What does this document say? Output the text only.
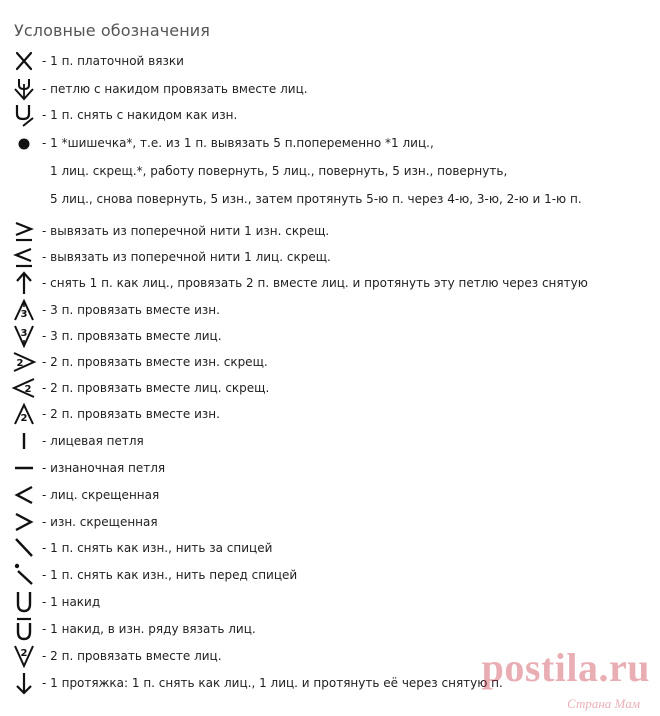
Условные обозначения
- 1 п. платочной вязки
- петлю с накидом провязать вместе лиц.
- 1 п. снять с накидом как изн.
- 1 *шишечка*, т.е. из 1 п. вывязать 5 п.попеременно *1 лиц.,
1 лиц. скрещ.*, работу повернуть, 5 лиц., повернуть, 5 изн., повернуть,
5 лиц., снова повернуть, 5 изн., затем протянуть 5-ю п. через 4-ю, 3-ю, 2-ю и 1-ю п.
- вывязать из поперечной нити 1 изн. скрещ.
- вывязать из поперечной нити 1 лиц. скрещ.
- снять 1 п. как лиц., провязать 2 п. вместе лиц. и протянуть эту петлю через снятую
3 - 3 п. провязать вместе изн.
3 - 3 п. провязать вместе лиц.
2 - 2 п. провязать вместе изн. скрещ.
2 - 2 п. провязать вместе лиц. скрещ.
2 - 2 п. провязать вместе изн.
- лицевая петля
- изнаночная петля
- лиц. скрещенная
- изн. скрещенная
- 1 п. снять как изн., нить за спицей
- 1 п. снять как изн., нить перед спицей
- 1 накид
- 1 накид, в изн. ряду вязать лиц.
2 - 2 п. провязать вместе лиц.
- 1 протяжка: 1 п. снять как лиц., 1 лиц. и протянуть её через снятую п.
postila.ru
Страна Мам
